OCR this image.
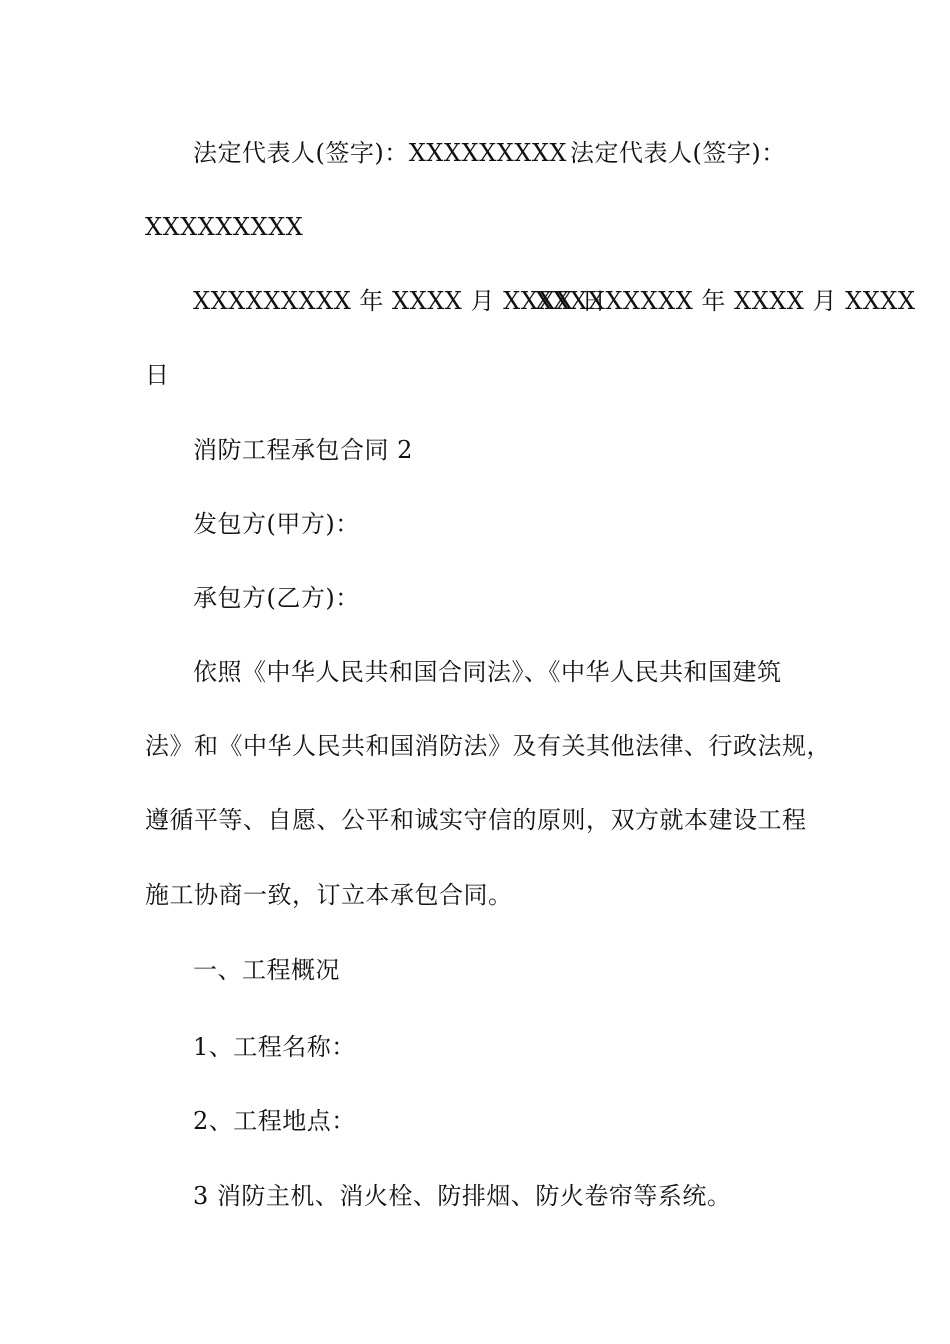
法定代表人(签字)：XXXXXXXXX 法定代表人(签字)：
XXXXXXXXX
XXXXXXXXX 年 XXXX 月 XXXX 日
XXXXXXXXX 年 XXXX 月 XXXX
日
消防工程承包合同 2
发包方(甲方)：
承包方(乙方)：
依照《中华人民共和国合同法》、《中华人民共和国建筑
法》和《中华人民共和国消防法》及有关其他法律、行政法规，
遵循平等、自愿、公平和诚实守信的原则，双方就本建设工程
施工协商一致，订立本承包合同。
一、工程概况
1、工程名称：
2、工程地点：
3 消防主机、消火栓、防排烟、防火卷帘等系统。
